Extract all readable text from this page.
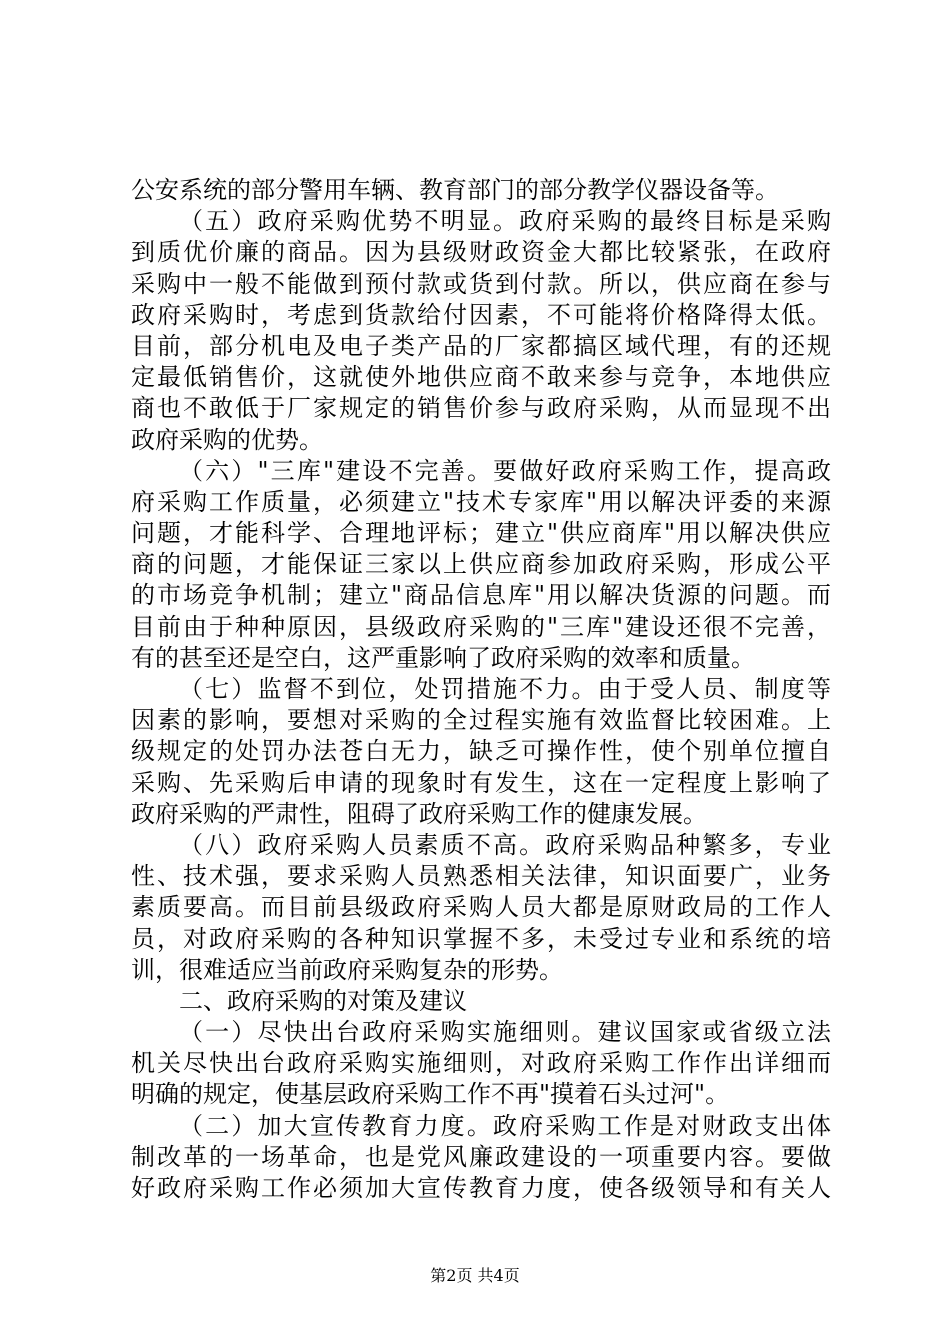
公安系统的部分警用车辆、教育部门的部分教学仪器设备等。
（五）政府采购优势不明显。政府采购的最终目标是采购
到质优价廉的商品。因为县级财政资金大都比较紧张，在政府
采购中一般不能做到预付款或货到付款。所以，供应商在参与
政府采购时，考虑到货款给付因素，不可能将价格降得太低。
目前，部分机电及电子类产品的厂家都搞区域代理，有的还规
定最低销售价，这就使外地供应商不敢来参与竞争，本地供应
商也不敢低于厂家规定的销售价参与政府采购，从而显现不出
政府采购的优势。
（六）"三库"建设不完善。要做好政府采购工作，提高政
府采购工作质量，必须建立"技术专家库"用以解决评委的来源
问题，才能科学、合理地评标；建立"供应商库"用以解决供应
商的问题，才能保证三家以上供应商参加政府采购，形成公平
的市场竞争机制；建立"商品信息库"用以解决货源的问题。而
目前由于种种原因，县级政府采购的"三库"建设还很不完善，
有的甚至还是空白，这严重影响了政府采购的效率和质量。
（七）监督不到位，处罚措施不力。由于受人员、制度等
因素的影响，要想对采购的全过程实施有效监督比较困难。上
级规定的处罚办法苍白无力，缺乏可操作性，使个别单位擅自
采购、先采购后申请的现象时有发生，这在一定程度上影响了
政府采购的严肃性，阻碍了政府采购工作的健康发展。
（八）政府采购人员素质不高。政府采购品种繁多，专业
性、技术强，要求采购人员熟悉相关法律，知识面要广，业务
素质要高。而目前县级政府采购人员大都是原财政局的工作人
员，对政府采购的各种知识掌握不多，未受过专业和系统的培
训，很难适应当前政府采购复杂的形势。
二、政府采购的对策及建议
（一）尽快出台政府采购实施细则。建议国家或省级立法
机关尽快出台政府采购实施细则，对政府采购工作作出详细而
明确的规定，使基层政府采购工作不再"摸着石头过河"。
（二）加大宣传教育力度。政府采购工作是对财政支出体
制改革的一场革命，也是党风廉政建设的一项重要内容。要做
好政府采购工作必须加大宣传教育力度，使各级领导和有关人
第2页 共4页
